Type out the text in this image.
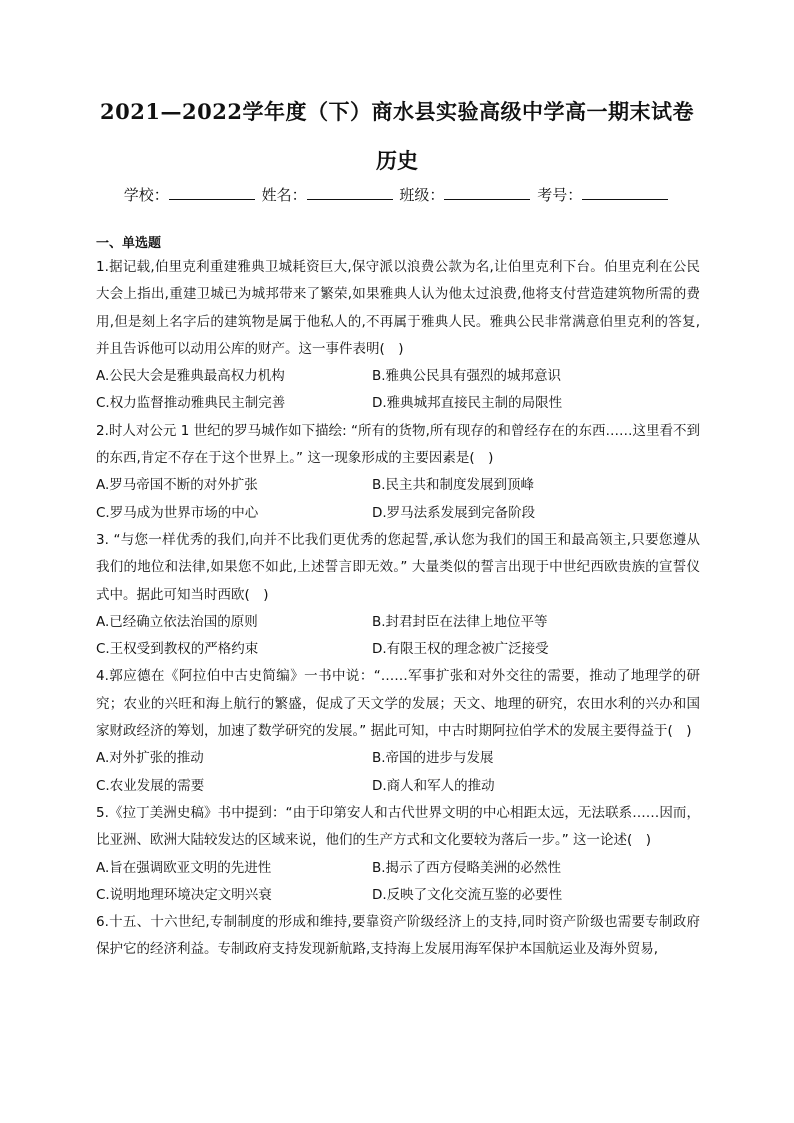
2021—2022学年度（下）商水县实验高级中学高一期末试卷
历史
学校：	姓名：	班级：	考号：

一、单选题

1.据记载,伯里克利重建雅典卫城耗资巨大,保守派以浪费公款为名,让伯里克利下台。伯里克利在公民大会上指出,重建卫城已为城邦带来了繁荣,如果雅典人认为他太过浪费,他将支付营造建筑物所需的费用,但是刻上名字后的建筑物是属于他私人的,不再属于雅典人民。雅典公民非常满意伯里克利的答复,并且告诉他可以动用公库的财产。这一事件表明(　)

A.公民大会是雅典最高权力机构	B.雅典公民具有强烈的城邦意识
C.权力监督推动雅典民主制完善	D.雅典城邦直接民主制的局限性

2.时人对公元 1 世纪的罗马城作如下描绘: “所有的货物,所有现存的和曾经存在的东西……这里看不到的东西,肯定不存在于这个世界上。” 这一现象形成的主要因素是(　)

A.罗马帝国不断的对外扩张	B.民主共和制度发展到顶峰
C.罗马成为世界市场的中心	D.罗马法系发展到完备阶段

3. “与您一样优秀的我们,向并不比我们更优秀的您起誓,承认您为我们的国王和最高领主,只要您遵从我们的地位和法律,如果您不如此,上述誓言即无效。” 大量类似的誓言出现于中世纪西欧贵族的宣誓仪式中。据此可知当时西欧(　)

A.已经确立依法治国的原则	B.封君封臣在法律上地位平等
C.王权受到教权的严格约束	D.有限王权的理念被广泛接受

4.郭应德在《阿拉伯中古史简编》一书中说：“……军事扩张和对外交往的需要，推动了地理学的研究；农业的兴旺和海上航行的繁盛，促成了天文学的发展；天文、地理的研究，农田水利的兴办和国家财政经济的筹划，加速了数学研究的发展。” 据此可知，中古时期阿拉伯学术的发展主要得益于(　)

A.对外扩张的推动	B.帝国的进步与发展
C.农业发展的需要	D.商人和军人的推动

5.《拉丁美洲史稿》书中提到：“由于印第安人和古代世界文明的中心相距太远，无法联系……因而，比亚洲、欧洲大陆较发达的区域来说，他们的生产方式和文化要较为落后一步。” 这一论述(　)

A.旨在强调欧亚文明的先进性	B.揭示了西方侵略美洲的必然性
C.说明地理环境决定文明兴衰	D.反映了文化交流互鉴的必要性

6.十五、十六世纪,专制制度的形成和维持,要靠资产阶级经济上的支持,同时资产阶级也需要专制政府保护它的经济利益。专制政府支持发现新航路,支持海上发展用海军保护本国航运业及海外贸易,
